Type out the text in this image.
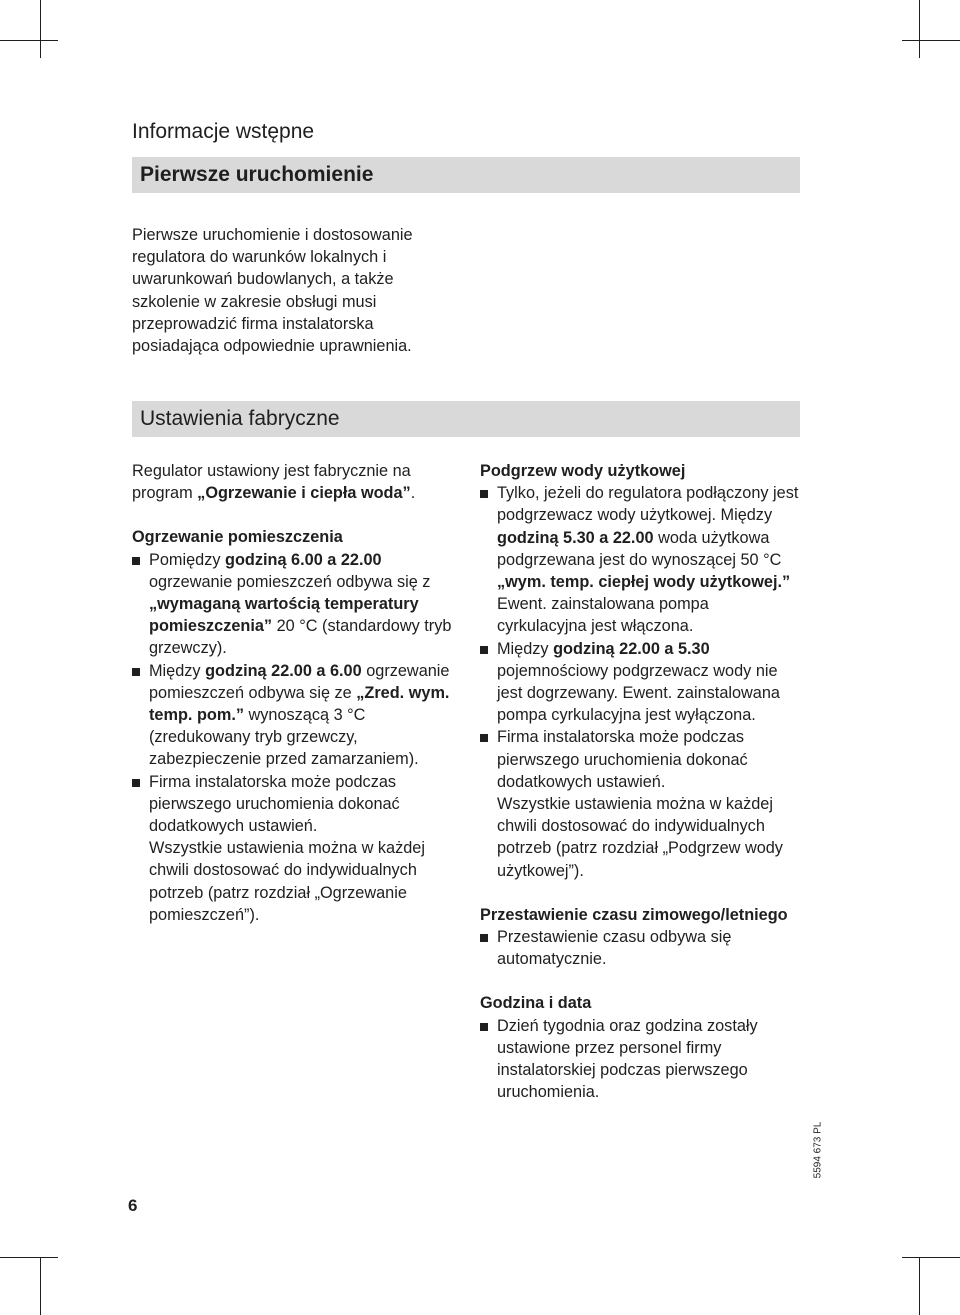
Informacje wstępne
Pierwsze uruchomienie

Pierwsze uruchomienie i dostosowanie regulatora do warunków lokalnych i uwarunkowań budowlanych, a także szkolenie w zakresie obsługi musi przeprowadzić firma instalatorska posiadająca odpowiednie uprawnienia.

Ustawienia fabryczne

Regulator ustawiony jest fabrycznie na program „Ogrzewanie i ciepła woda”.

Ogrzewanie pomieszczenia

Pomiędzy godziną 6.00 a 22.00 ogrzewanie pomieszczeń odbywa się z „wymaganą wartością temperatury pomieszczenia” 20 °C (standardowy tryb grzewczy).
Między godziną 22.00 a 6.00 ogrzewanie pomieszczeń odbywa się ze „Zred. wym. temp. pom.” wynoszącą 3 °C (zredukowany tryb grzewczy, zabezpieczenie przed zamarzaniem).
Firma instalatorska może podczas pierwszego uruchomienia dokonać dodatkowych ustawień.
Wszystkie ustawienia można w każdej chwili dostosować do indywidualnych potrzeb (patrz rozdział „Ogrzewanie pomieszczeń”).

Podgrzew wody użytkowej

Tylko, jeżeli do regulatora podłączony jest podgrzewacz wody użytkowej. Między godziną 5.30 a 22.00 woda użytkowa podgrzewana jest do wynoszącej 50 °C „wym. temp. ciepłej wody użytkowej.” Ewent. zainstalowana pompa cyrkulacyjna jest włączona.
Między godziną 22.00 a 5.30 pojemnościowy podgrzewacz wody nie jest dogrzewany. Ewent. zainstalowana pompa cyrkulacyjna jest wyłączona.
Firma instalatorska może podczas pierwszego uruchomienia dokonać dodatkowych ustawień.
Wszystkie ustawienia można w każdej chwili dostosować do indywidualnych potrzeb (patrz rozdział „Podgrzew wody użytkowej”).

Przestawienie czasu zimowego/letniego

Przestawienie czasu odbywa się automatycznie.

Godzina i data

Dzień tygodnia oraz godzina zostały ustawione przez personel firmy instalatorskiej podczas pierwszego uruchomienia.
6
5594 673 PL
